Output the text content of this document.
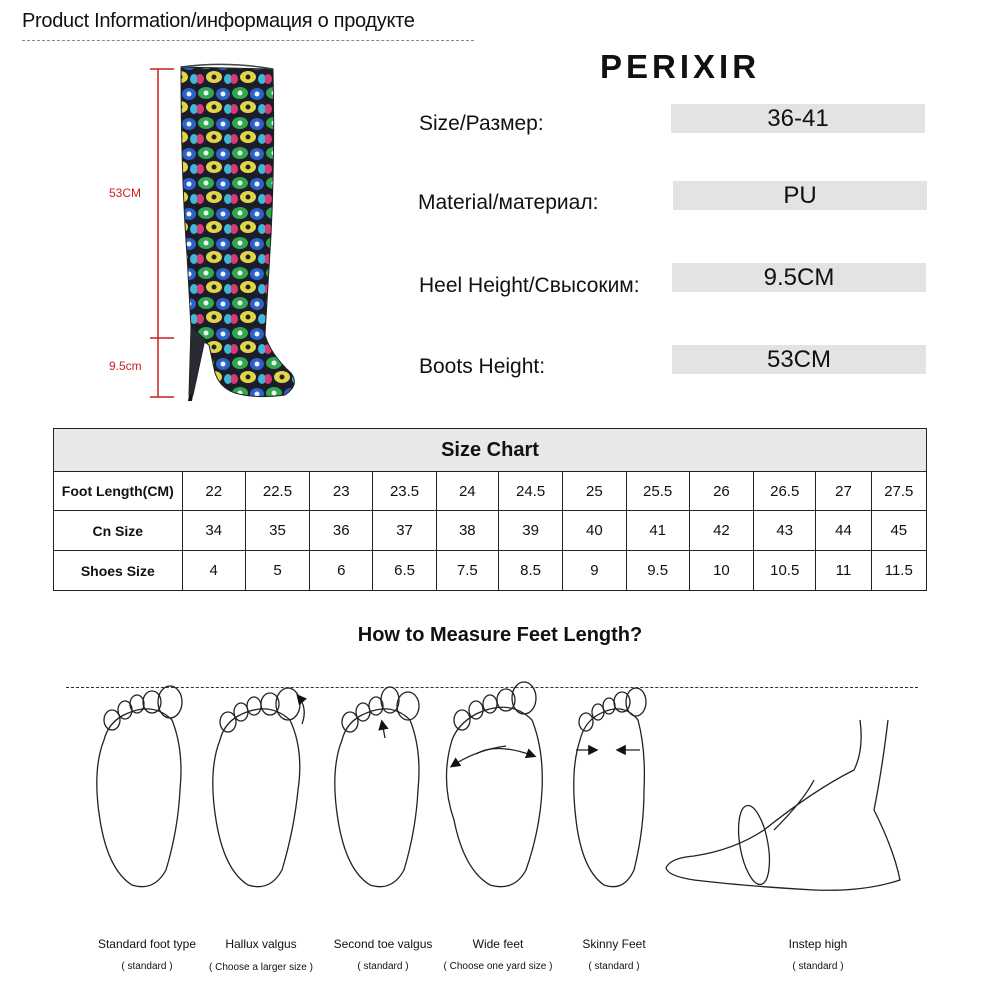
Product Information/информация о продукте
PERIXIR
Size/Размер:	36-41
Material/материал:	PU
Heel Height/Свысоким:	9.5CM
Boots Height:	53CM
53CM
9.5cm
Size Chart												
Foot Length(CM)	22	22.5	23	23.5	24	24.5	25	25.5	26	26.5	27	27.5
Cn Size	34	35	36	37	38	39	40	41	42	43	44	45
Shoes Size	4	5	6	6.5	7.5	8.5	9	9.5	10	10.5	11	11.5
How to Measure Feet Length?
Standard foot type
( standard )
Hallux valgus
( Choose a larger size )
Second toe valgus
( standard )
Wide feet
( Choose one yard size )
Skinny Feet
( standard )
Instep high
( standard )
